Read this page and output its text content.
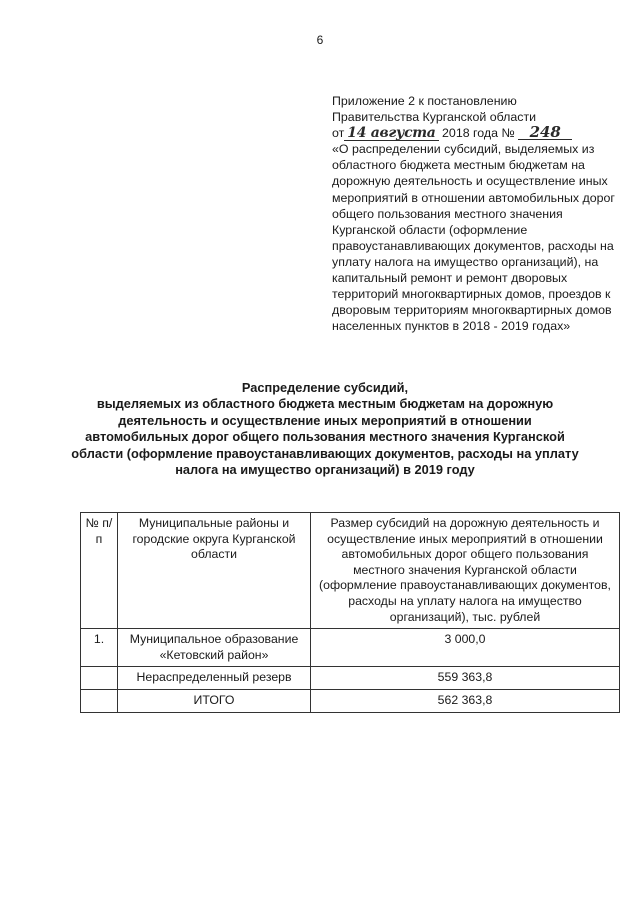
6
Приложение 2 к постановлению
Правительства Курганской области
от 14 августа 2018 года № 248
«О распределении субсидий, выделяемых из областного бюджета местным бюджетам на дорожную деятельность и осуществление иных мероприятий в отношении автомобильных дорог общего пользования местного значения Курганской области (оформление правоустанавливающих документов, расходы на уплату налога на имущество организаций), на капитальный ремонт и ремонт дворовых территорий многоквартирных домов, проездов к дворовым территориям многоквартирных домов населенных пунктов в 2018 - 2019 годах»
Распределение субсидий,
выделяемых из областного бюджета местным бюджетам на дорожную деятельность и осуществление иных мероприятий в отношении автомобильных дорог общего пользования местного значения Курганской области (оформление правоустанавливающих документов, расходы на уплату налога на имущество организаций) в 2019 году
№ п/п	Муниципальные районы и городские округа Курганской области	Размер субсидий на дорожную деятельность и осуществление иных мероприятий в отношении автомобильных дорог общего пользования местного значения Курганской области (оформление правоустанавливающих документов, расходы на уплату налога на имущество организаций), тыс. рублей
1.	Муниципальное образование «Кетовский район»	3 000,0
	Нераспределенный резерв	559 363,8
	ИТОГО	562 363,8
